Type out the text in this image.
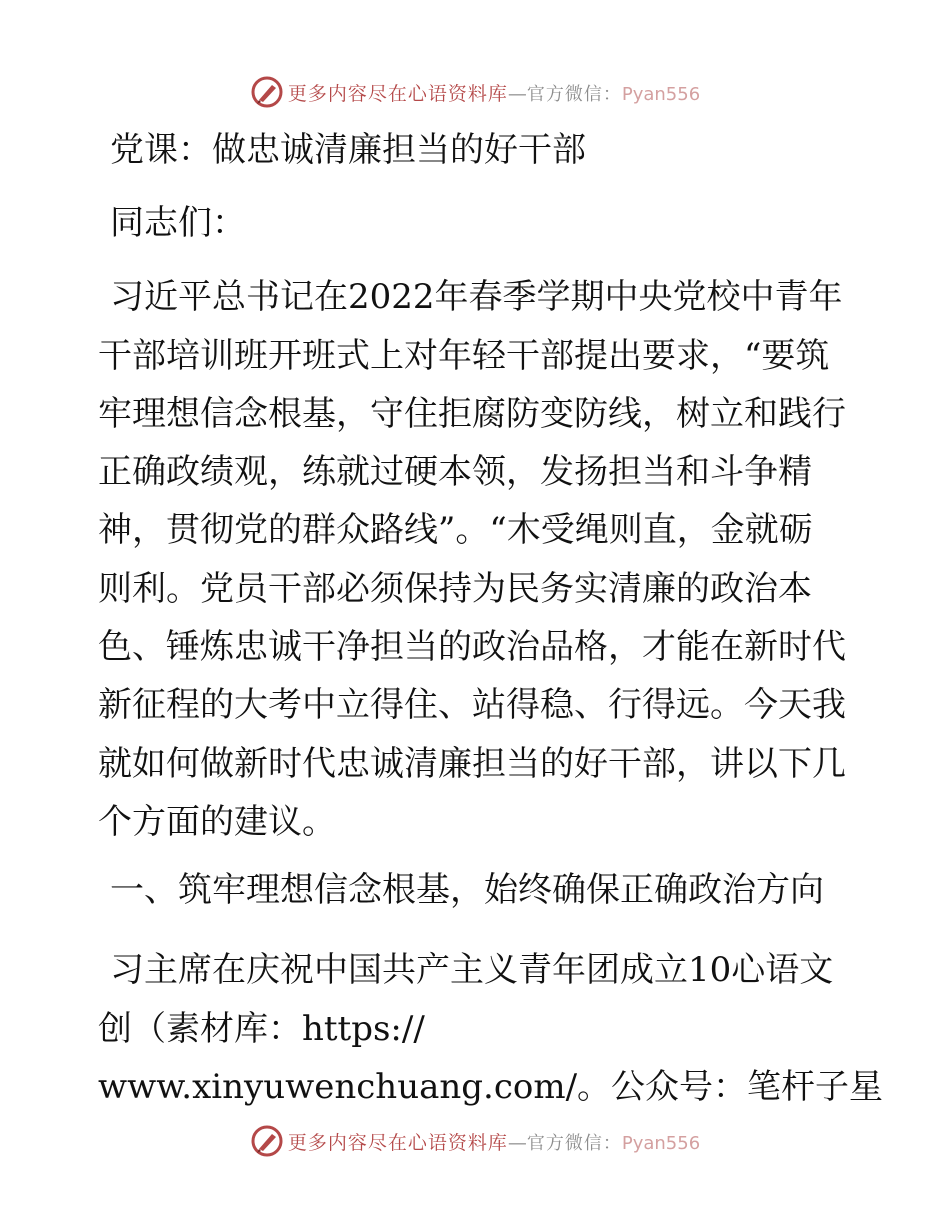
更多内容尽在心语资料库—官方微信：Pyan556
党课：做忠诚清廉担当的好干部

同志们：

习近平总书记在2022年春季学期中央党校中青年

干部培训班开班式上对年轻干部提出要求，“要筑

牢理想信念根基，守住拒腐防变防线，树立和践行

正确政绩观，练就过硬本领，发扬担当和斗争精

神，贯彻党的群众路线”。“木受绳则直，金就砺

则利。党员干部必须保持为民务实清廉的政治本

色、锤炼忠诚干净担当的政治品格，才能在新时代

新征程的大考中立得住、站得稳、行得远。今天我

就如何做新时代忠诚清廉担当的好干部，讲以下几

个方面的建议。

一、筑牢理想信念根基，始终确保正确政治方向

习主席在庆祝中国共产主义青年团成立10心语文

创（素材库：https://

www.xinyuwenchuang.com/。公众号：笔杆子星

更多内容尽在心语资料库—官方微信：Pyan556
